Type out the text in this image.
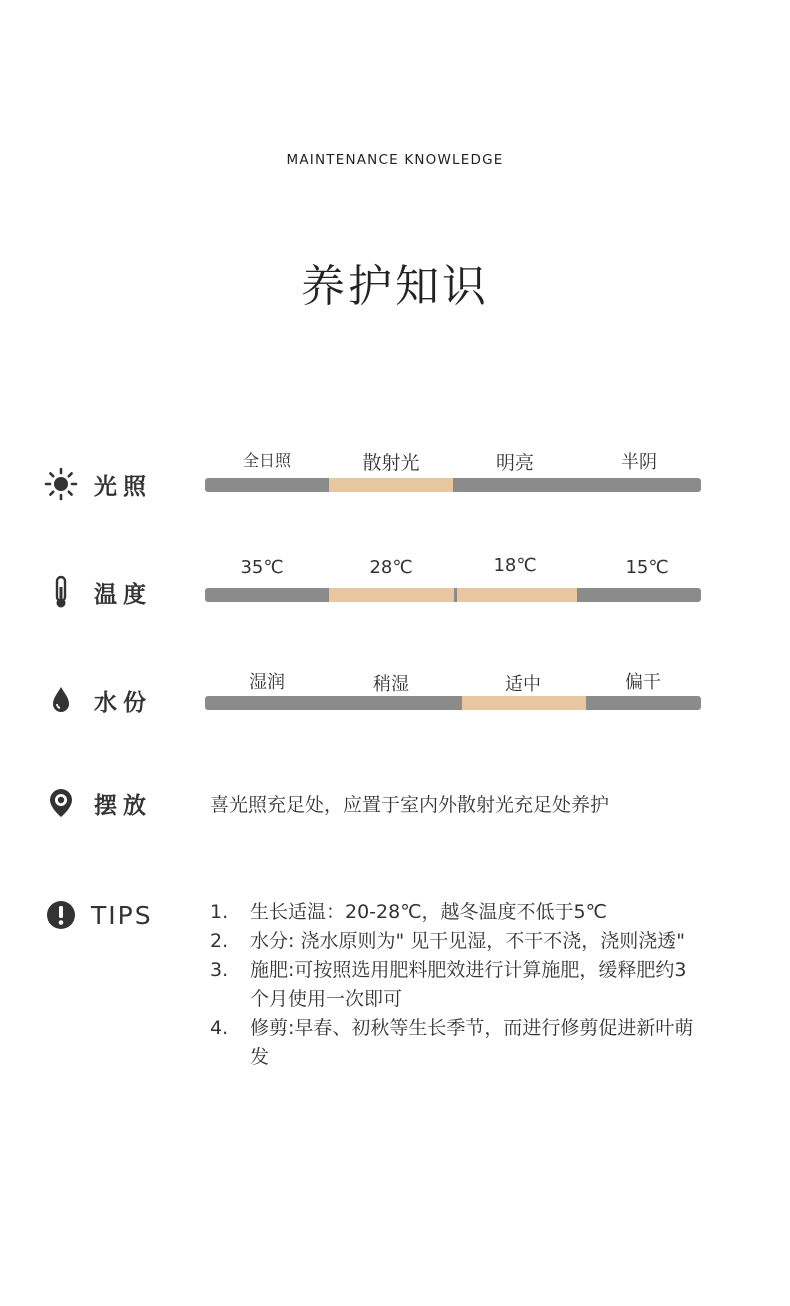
MAINTENANCE KNOWLEDGE
养护知识
光照
全日照	散射光	明亮	半阴
温度
35℃	28℃	18℃	15℃
水份
湿润	稍湿	适中	偏干
摆放	喜光照充足处，应置于室内外散射光充足处养护
TIPS	1.	生长适温：20-28℃，越冬温度不低于5℃
2.	水分: 浇水原则为" 见干见湿，不干不浇，浇则浇透"
3.	施肥:可按照选用肥料肥效进行计算施肥，缓释肥约3个月使用一次即可
4.	修剪:早春、初秋等生长季节，而进行修剪促进新叶萌发
